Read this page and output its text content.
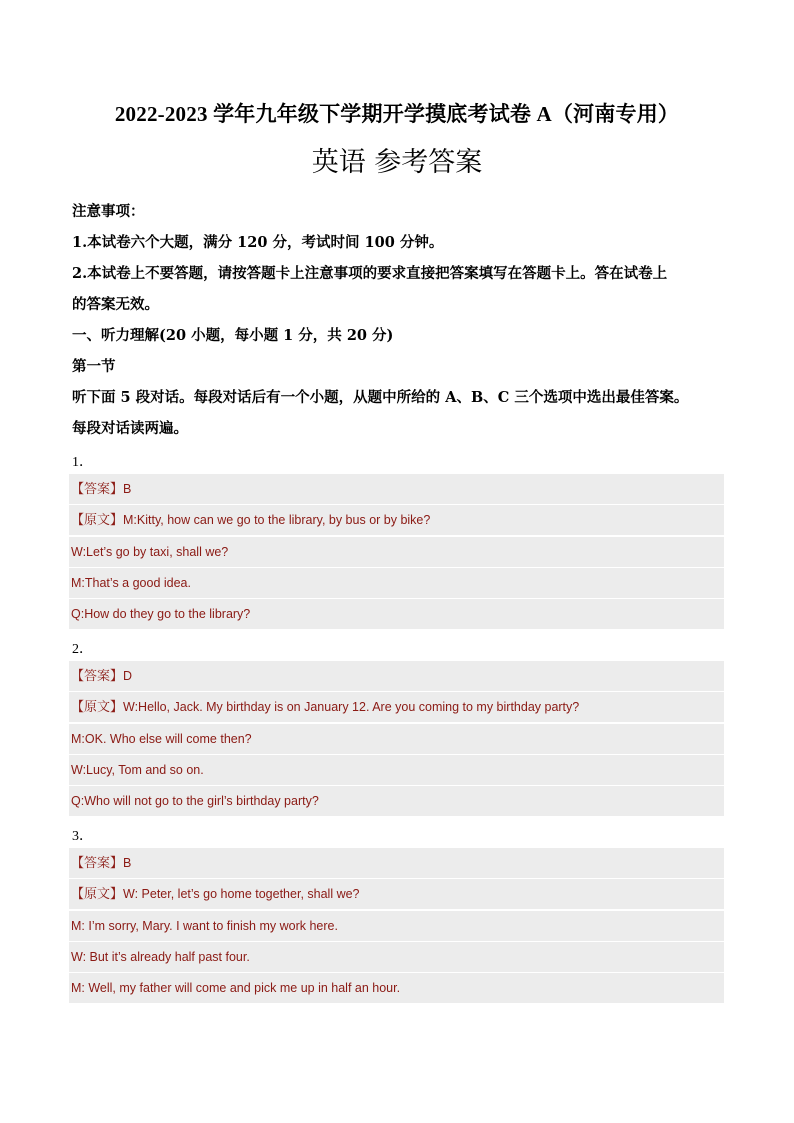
2022-2023 学年九年级下学期开学摸底考试卷 A（河南专用）
英语 参考答案

注意事项：

1.本试卷六个大题，满分 120 分，考试时间 100 分钟。

2.本试卷上不要答题，请按答题卡上注意事项的要求直接把答案填写在答题卡上。答在试卷上

的答案无效。

一、听力理解(20 小题，每小题 1 分，共 20 分)

第一节

听下面 5 段对话。每段对话后有一个小题，从题中所给的 A、B、C 三个选项中选出最佳答案。

每段对话读两遍。

1．
【答案】B
【原文】M:Kitty, how can we go to the library, by bus or by bike?
W:Let’s go by taxi, shall we?
M:That’s a good idea.
Q:How do they go to the library?
2．
【答案】D
【原文】W:Hello, Jack. My birthday is on January 12. Are you coming to my birthday party?
M:OK. Who else will come then?
W:Lucy, Tom and so on.
Q:Who will not go to the girl’s birthday party?
3．
【答案】B
【原文】W: Peter, let’s go home together, shall we?
M: I’m sorry, Mary. I want to finish my work here.
W: But it’s already half past four.
M: Well, my father will come and pick me up in half an hour.
